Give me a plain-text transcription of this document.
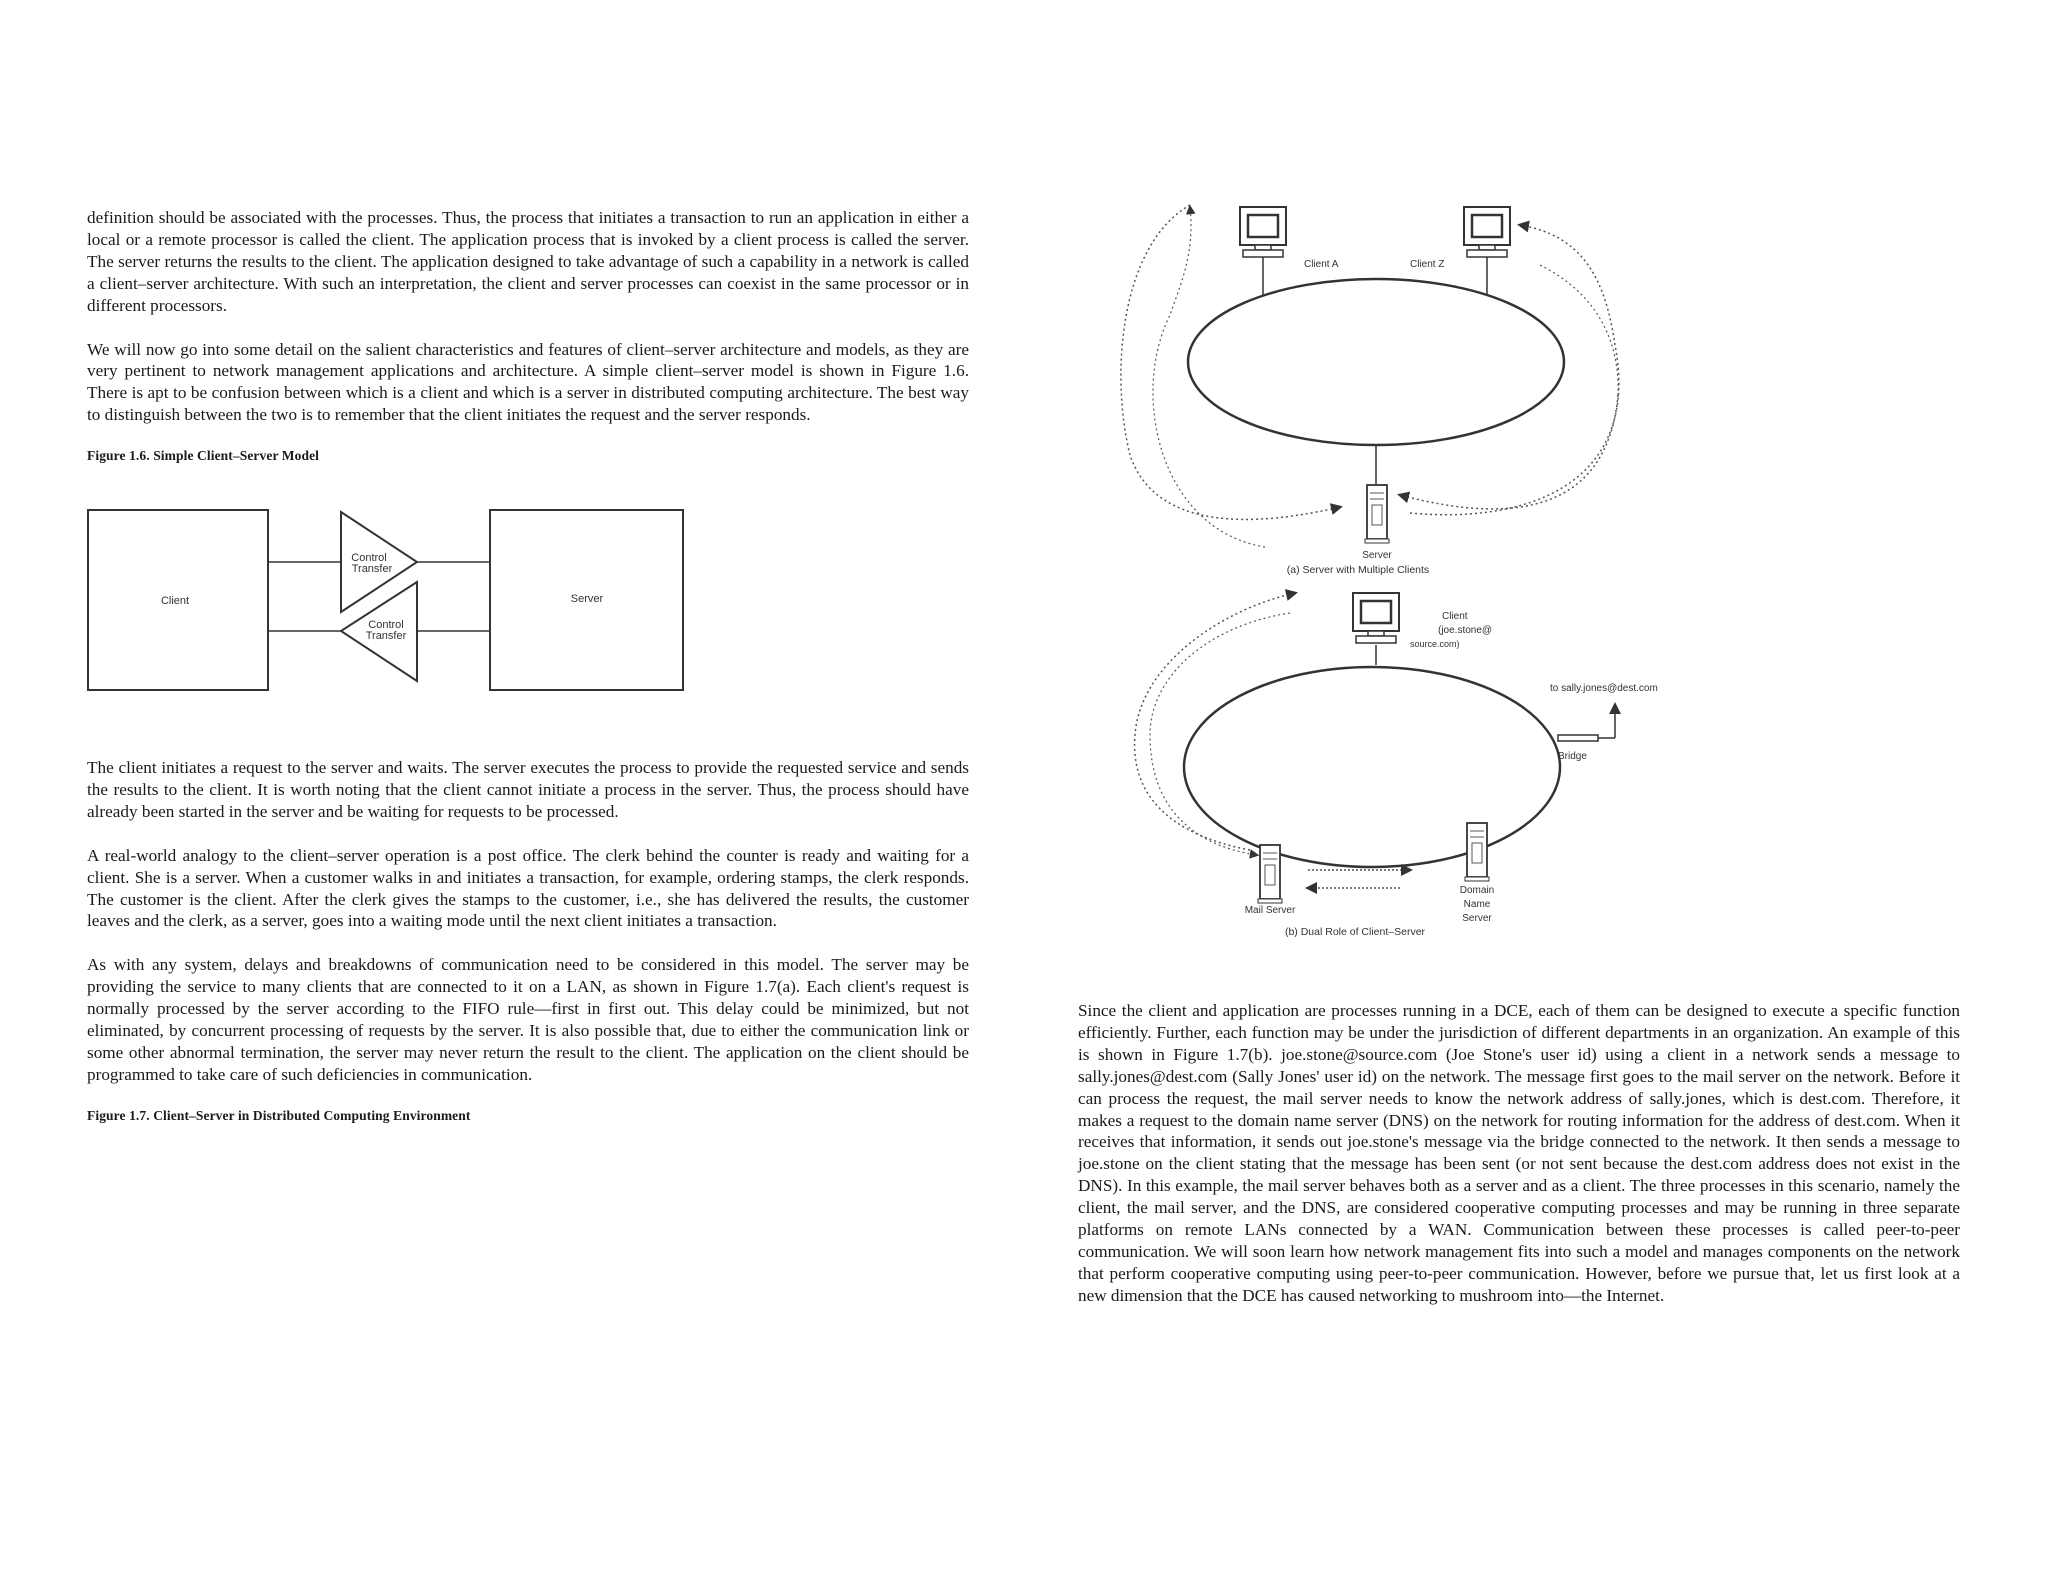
definition should be associated with the processes. Thus, the process that initiates a transaction to run an application in either a local or a remote processor is called the client. The application process that is invoked by a client process is called the server. The server returns the results to the client. The application designed to take advantage of such a capability in a network is called a client–server architecture. With such an interpretation, the client and server processes can coexist in the same processor or in different processors.

We will now go into some detail on the salient characteristics and features of client–server architecture and models, as they are very pertinent to network management applications and architecture. A simple client–server model is shown in Figure 1.6. There is apt to be confusion between which is a client and which is a server in distributed computing architecture. The best way to distinguish between the two is to remember that the client initiates the request and the server responds.

Figure 1.6. Simple Client–Server Model

Client	Server
Control
Transfer
Control
Transfer

The client initiates a request to the server and waits. The server executes the process to provide the requested service and sends the results to the client. It is worth noting that the client cannot initiate a process in the server. Thus, the process should have already been started in the server and be waiting for requests to be processed.

A real-world analogy to the client–server operation is a post office. The clerk behind the counter is ready and waiting for a client. She is a server. When a customer walks in and initiates a transaction, for example, ordering stamps, the clerk responds. The customer is the client. After the clerk gives the stamps to the customer, i.e., she has delivered the results, the customer leaves and the clerk, as a server, goes into a waiting mode until the next client initiates a transaction.

As with any system, delays and breakdowns of communication need to be considered in this model. The server may be providing the service to many clients that are connected to it on a LAN, as shown in Figure 1.7(a). Each client's request is normally processed by the server according to the FIFO rule—first in first out. This delay could be minimized, but not eliminated, by concurrent processing of requests by the server. It is also possible that, due to either the communication link or some other abnormal termination, the server may never return the result to the client. The application on the client should be programmed to take care of such deficiencies in communication.

Figure 1.7. Client–Server in Distributed Computing Environment

Client A	Client Z
Server
(a) Server with Multiple Clients
Client
(joe.stone@
source.com)
to sally.jones@dest.com
Bridge
Mail Server
Domain
Name
Server
(b) Dual Role of Client–Server

Since the client and application are processes running in a DCE, each of them can be designed to execute a specific function efficiently. Further, each function may be under the jurisdiction of different departments in an organization. An example of this is shown in Figure 1.7(b). joe.stone@source.com (Joe Stone's user id) using a client in a network sends a message to sally.jones@dest.com (Sally Jones' user id) on the network. The message first goes to the mail server on the network. Before it can process the request, the mail server needs to know the network address of sally.jones, which is dest.com. Therefore, it makes a request to the domain name server (DNS) on the network for routing information for the address of dest.com. When it receives that information, it sends out joe.stone's message via the bridge connected to the network. It then sends a message to joe.stone on the client stating that the message has been sent (or not sent because the dest.com address does not exist in the DNS). In this example, the mail server behaves both as a server and as a client. The three processes in this scenario, namely the client, the mail server, and the DNS, are considered cooperative computing processes and may be running in three separate platforms on remote LANs connected by a WAN. Communication between these processes is called peer-to-peer communication. We will soon learn how network management fits into such a model and manages components on the network that perform cooperative computing using peer-to-peer communication. However, before we pursue that, let us first look at a new dimension that the DCE has caused networking to mushroom into—the Internet.
